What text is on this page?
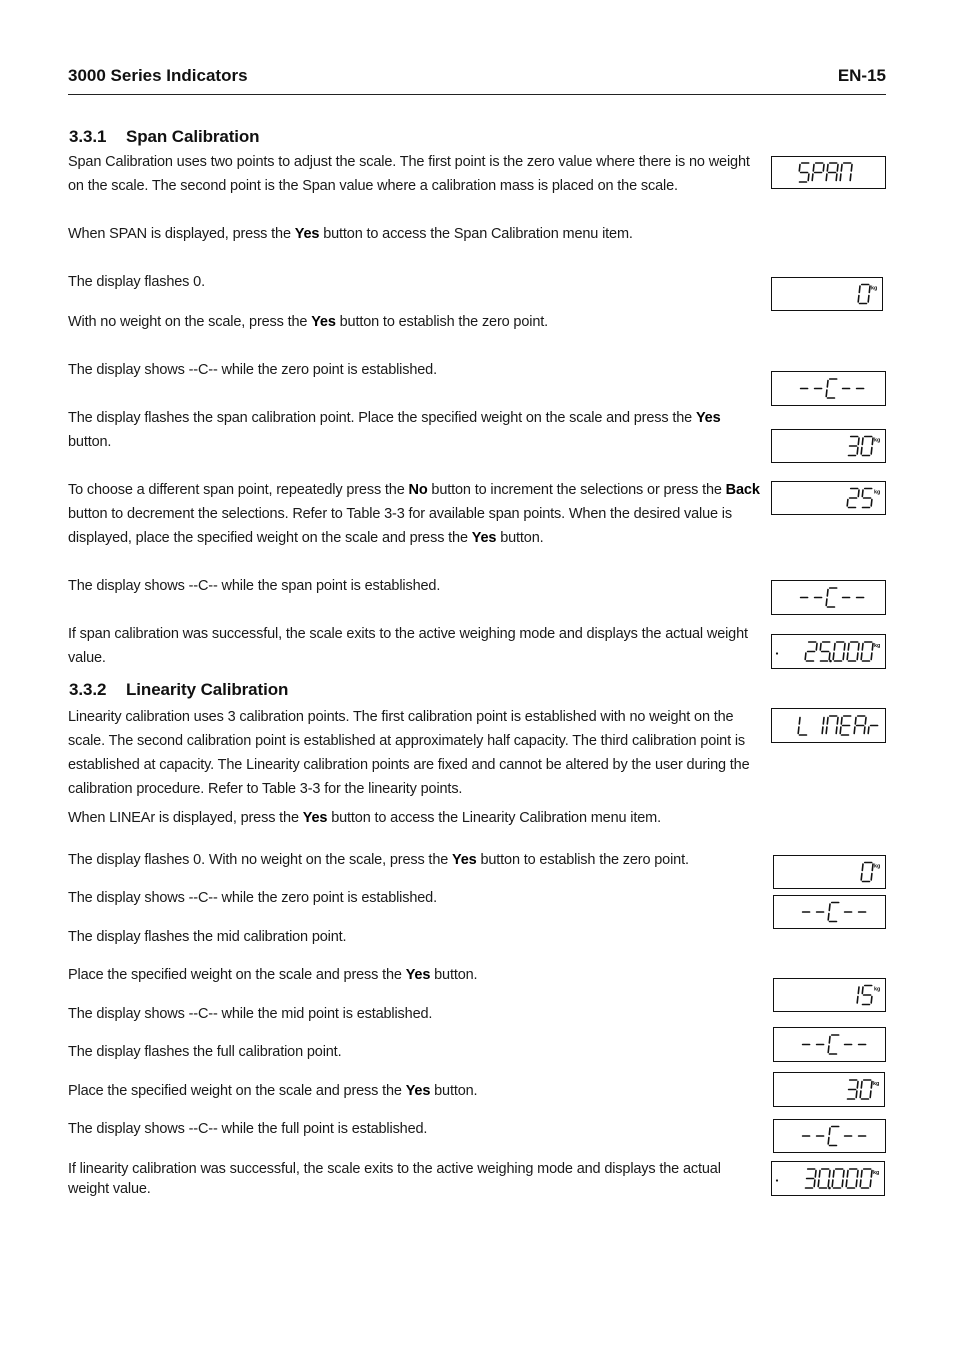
3000 Series Indicators	EN-15
3.3.1 Span Calibration
Span Calibration uses two points to adjust the scale. The first point is the zero value where there is no weight on the scale. The second point is the Span value where a calibration mass is placed on the scale.
When SPAN is displayed, press the Yes button to access the Span Calibration menu item.
The display flashes 0.
With no weight on the scale, press the Yes button to establish the zero point.
The display shows --C-- while the zero point is established.
The display flashes the span calibration point. Place the specified weight on the scale and press the Yes button.
To choose a different span point, repeatedly press the No button to increment the selections or press the Back button to decrement the selections. Refer to Table 3-3 for available span points. When the desired value is displayed, place the specified weight on the scale and press the Yes button.
The display shows --C-- while the span point is established.
If span calibration was successful, the scale exits to the active weighing mode and displays the actual weight value.
3.3.2 Linearity Calibration
Linearity calibration uses 3 calibration points. The first calibration point is established with no weight on the scale. The second calibration point is established at approximately half capacity. The third calibration point is established at capacity. The Linearity calibration points are fixed and cannot be altered by the user during the calibration procedure. Refer to Table 3-3 for the linearity points.
When LINEAr is displayed, press the Yes button to access the Linearity Calibration menu item.
The display flashes 0. With no weight on the scale, press the Yes button to establish the zero point.
The display shows --C-- while the zero point is established.
The display flashes the mid calibration point.
Place the specified weight on the scale and press the Yes button.
The display shows --C-- while the mid point is established.
The display flashes the full calibration point.
Place the specified weight on the scale and press the Yes button.
The display shows --C-- while the full point is established.
If linearity calibration was successful, the scale exits to the active weighing mode and displays the actual weight value.
kg
kg
kg
kg
kg
kg
kg
kg
